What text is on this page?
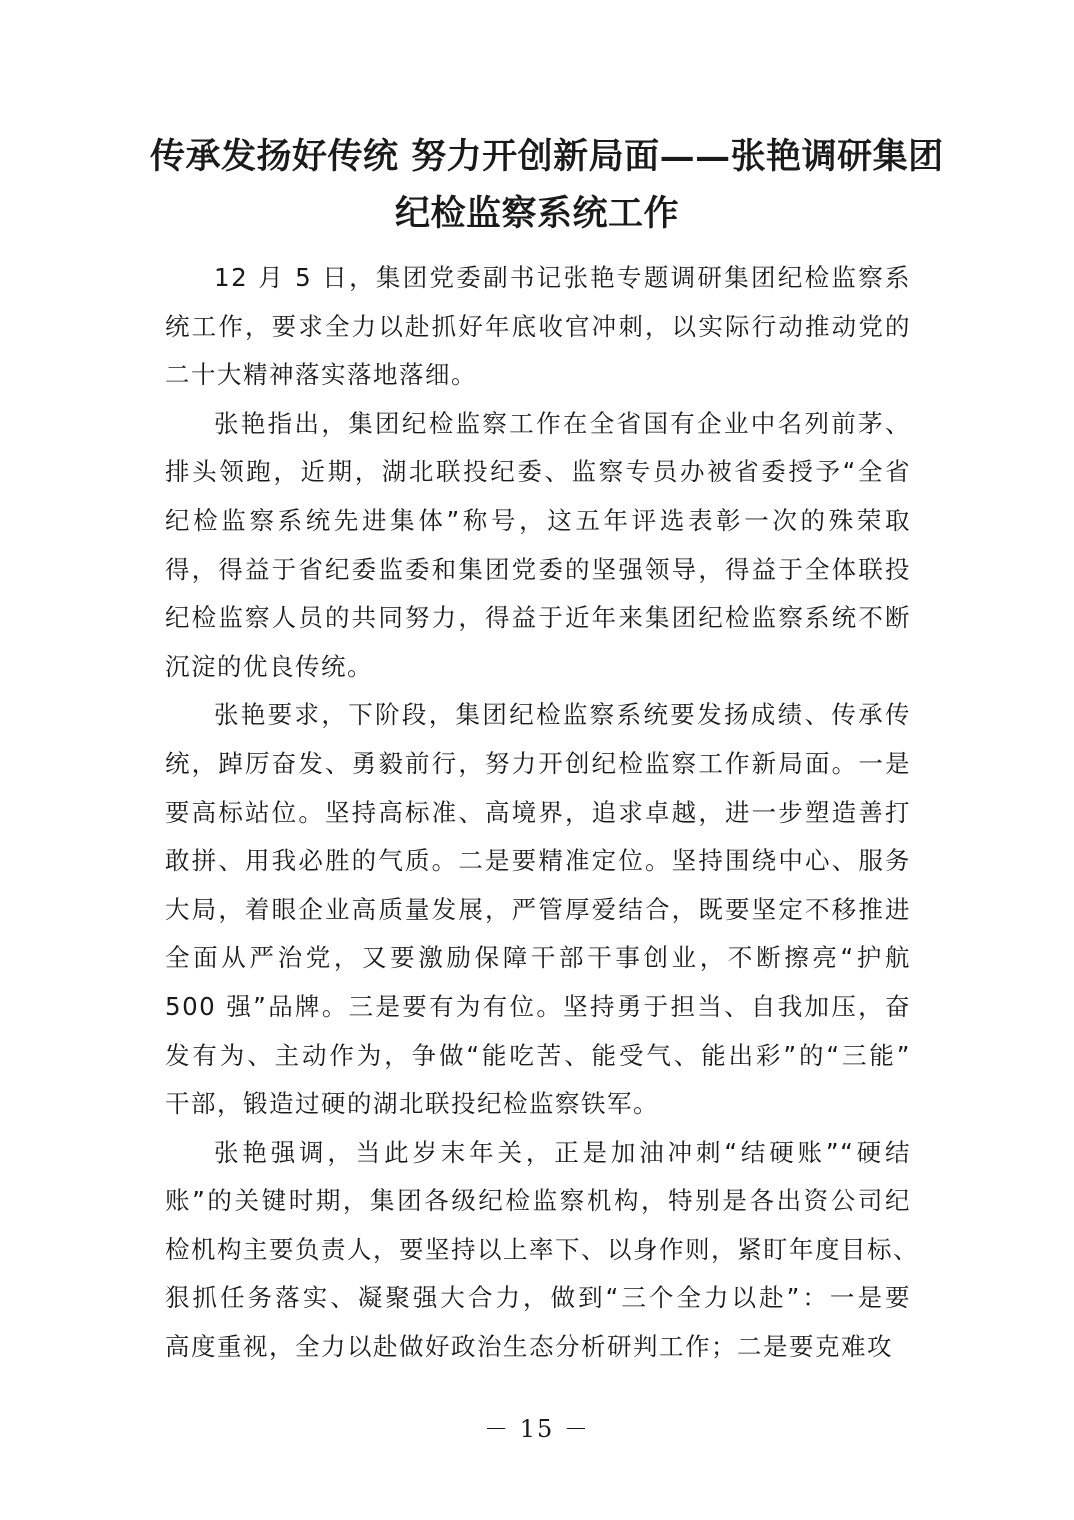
传承发扬好传统 努力开创新局面——张艳调研集团
纪检监察系统工作
12 月 5 日，集团党委副书记张艳专题调研集团纪检监察系
统工作，要求全力以赴抓好年底收官冲刺，以实际行动推动党的
二十大精神落实落地落细。
张艳指出，集团纪检监察工作在全省国有企业中名列前茅、
排头领跑，近期，湖北联投纪委、监察专员办被省委授予“全省
纪检监察系统先进集体”称号，这五年评选表彰一次的殊荣取
得，得益于省纪委监委和集团党委的坚强领导，得益于全体联投
纪检监察人员的共同努力，得益于近年来集团纪检监察系统不断
沉淀的优良传统。
张艳要求，下阶段，集团纪检监察系统要发扬成绩、传承传
统，踔厉奋发、勇毅前行，努力开创纪检监察工作新局面。一是
要高标站位。坚持高标准、高境界，追求卓越，进一步塑造善打
敢拼、用我必胜的气质。二是要精准定位。坚持围绕中心、服务
大局，着眼企业高质量发展，严管厚爱结合，既要坚定不移推进
全面从严治党，又要激励保障干部干事创业，不断擦亮“护航
500 强”品牌。三是要有为有位。坚持勇于担当、自我加压，奋
发有为、主动作为，争做“能吃苦、能受气、能出彩”的“三能”
干部，锻造过硬的湖北联投纪检监察铁军。
张艳强调，当此岁末年关，正是加油冲刺“结硬账”“硬结
账”的关键时期，集团各级纪检监察机构，特别是各出资公司纪
检机构主要负责人，要坚持以上率下、以身作则，紧盯年度目标、
狠抓任务落实、凝聚强大合力，做到“三个全力以赴”：一是要
高度重视，全力以赴做好政治生态分析研判工作；二是要克难攻
－ 15 －
